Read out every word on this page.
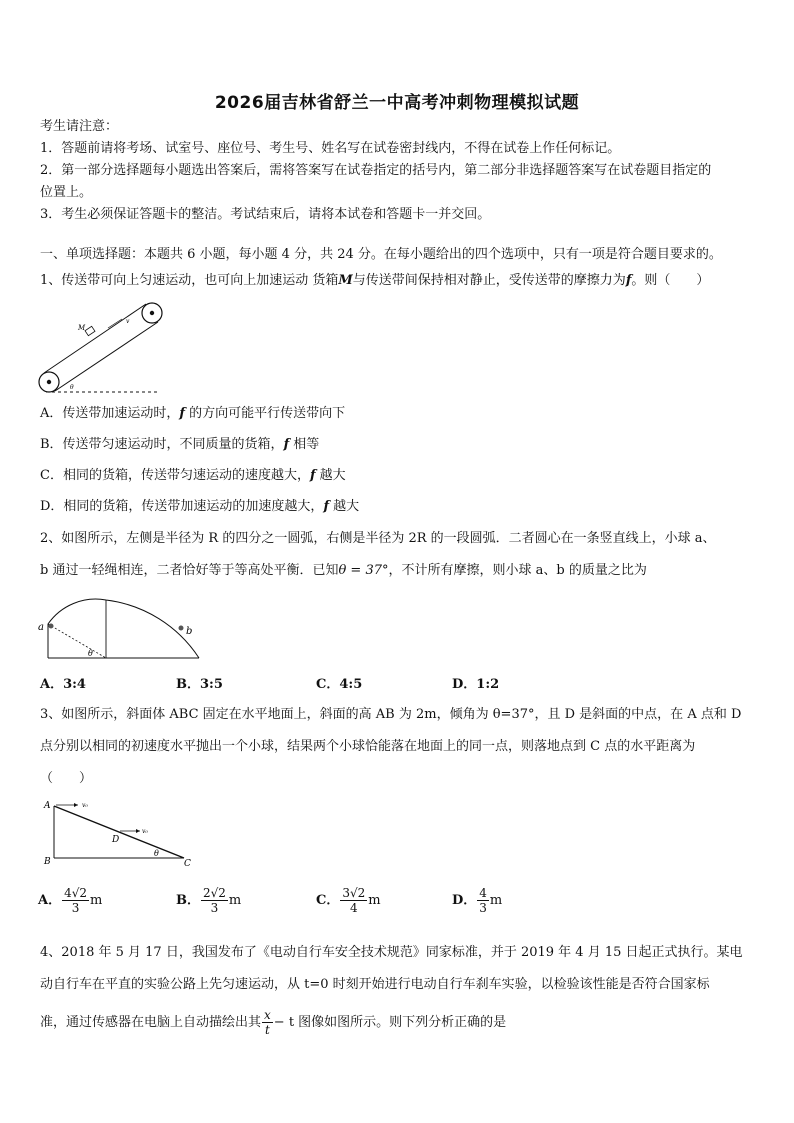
2026届吉林省舒兰一中高考冲刺物理模拟试题
考生请注意：
1．答题前请将考场、试室号、座位号、考生号、姓名写在试卷密封线内，不得在试卷上作任何标记。
2．第一部分选择题每小题选出答案后，需将答案写在试卷指定的括号内，第二部分非选择题答案写在试卷题目指定的
位置上。
3．考生必须保证答题卡的整洁。考试结束后，请将本试卷和答题卡一并交回。
一、单项选择题：本题共 6 小题，每小题 4 分，共 24 分。在每小题给出的四个选项中，只有一项是符合题目要求的。
1、传送带可向上匀速运动，也可向上加速运动 货箱M与传送带间保持相对静止，受传送带的摩擦力为f。则（　　）
M
v
θ
A．传送带加速运动时，f 的方向可能平行传送带向下
B．传送带匀速运动时，不同质量的货箱，f 相等
C．相同的货箱，传送带匀速运动的速度越大，f 越大
D．相同的货箱，传送带加速运动的加速度越大，f 越大
2、如图所示，左侧是半径为 R 的四分之一圆弧，右侧是半径为 2R 的一段圆弧．二者圆心在一条竖直线上，小球 a、
b 通过一轻绳相连，二者恰好等于等高处平衡．已知θ = 37°，不计所有摩擦，则小球 a、b 的质量之比为
a	b
θ
A．3:4	B．3:5	C．4:5	D．1:2
3、如图所示，斜面体 ABC 固定在水平地面上，斜面的高 AB 为 2m，倾角为 θ=37°，且 D 是斜面的中点，在 A 点和 D
点分别以相同的初速度水平抛出一个小球，结果两个小球恰能落在地面上的同一点，则落地点到 C 点的水平距离为
（　　）
A
B	C
D
v₀
v₀
θ
A． $\frac{4√2}{3}$ m	B． $\frac{2√2}{3}$ m	C． $\frac{3√2}{4}$ m	D． $\frac{4}{3}$ m
4、2018 年 5 月 17 日，我国发布了《电动自行车安全技术规范》同家标准，并于 2019 年 4 月 15 日起正式执行。某电
动自行车在平直的实验公路上先匀速运动，从 t=0 时刻开始进行电动自行车刹车实验，以检验该性能是否符合国家标
准，通过传感器在电脑上自动描绘出其 $\frac{x}{t} - t$ 图像如图所示。则下列分析正确的是
